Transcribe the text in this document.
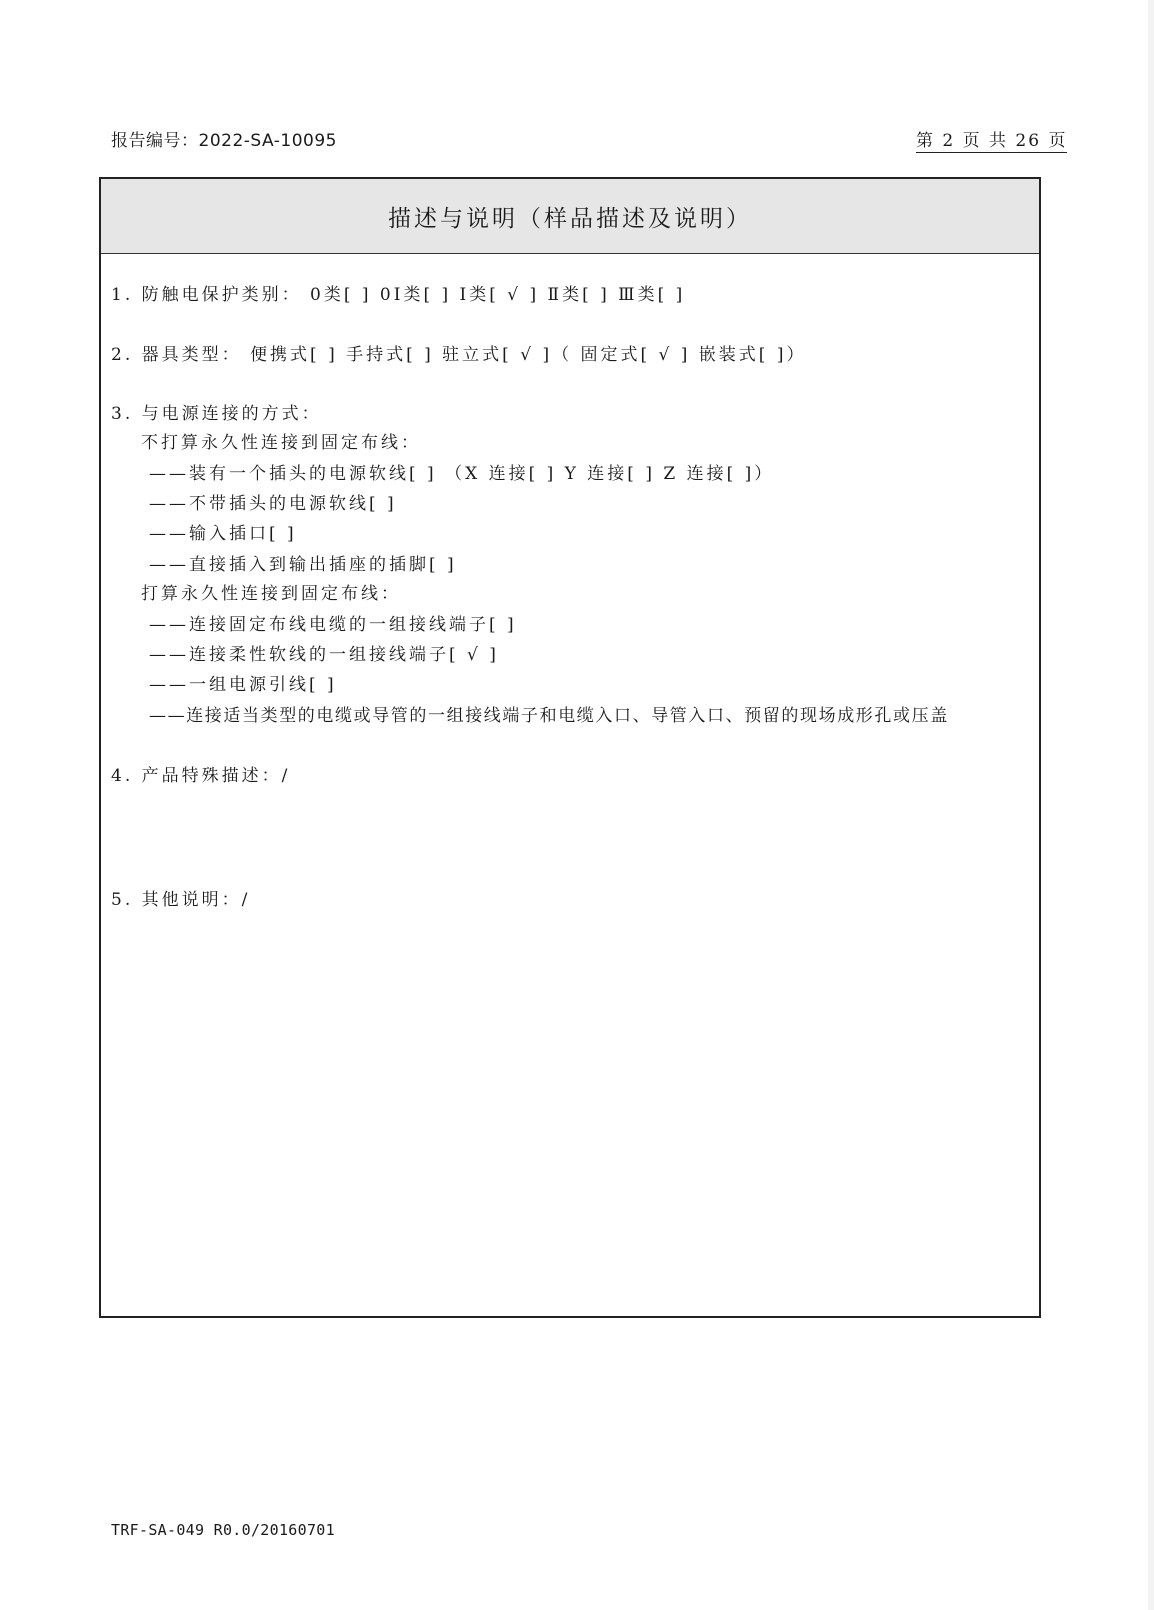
报告编号：2022-SA-10095	第 2 页 共 26 页
描述与说明（样品描述及说明）
1. 防触电保护类别： 0类[ ] 0Ⅰ类[ ] Ⅰ类[ √ ] Ⅱ类[ ] Ⅲ类[ ]
2. 器具类型： 便携式[ ] 手持式[ ] 驻立式[ √ ]（ 固定式[ √ ] 嵌装式[ ]）
3. 与电源连接的方式：
不打算永久性连接到固定布线：
——装有一个插头的电源软线[ ] （X 连接[ ] Y 连接[ ] Z 连接[ ]）
——不带插头的电源软线[ ]
——输入插口[ ]
——直接插入到输出插座的插脚[ ]
打算永久性连接到固定布线：
——连接固定布线电缆的一组接线端子[ ]
——连接柔性软线的一组接线端子[ √ ]
——一组电源引线[ ]
——连接适当类型的电缆或导管的一组接线端子和电缆入口、导管入口、预留的现场成形孔或压盖
4. 产品特殊描述：/
5. 其他说明：/
TRF-SA-049 R0.0/20160701
